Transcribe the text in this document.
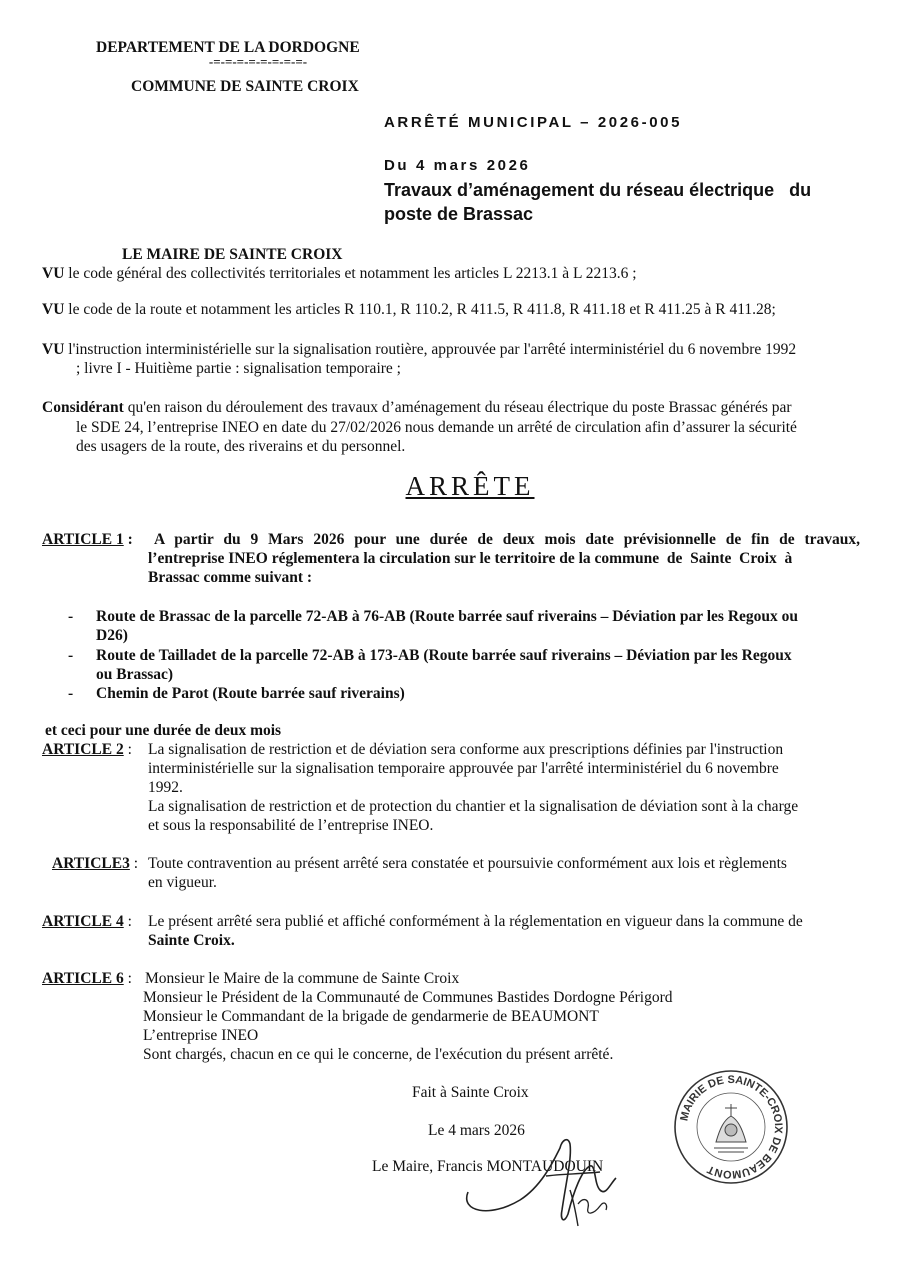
DEPARTEMENT DE LA DORDOGNE
-=-=-=-=-=-=-=-=-
COMMUNE DE SAINTE CROIX
ARRÊTÉ MUNICIPAL – 2026-005
Du 4 mars 2026
Travaux d’aménagement du réseau électrique   du
poste de Brassac
LE MAIRE DE SAINTE CROIX
VU le code général des collectivités territoriales et notamment les articles L 2213.1 à L 2213.6 ;
VU le code de la route et notamment les articles R 110.1, R 110.2, R 411.5, R 411.8, R 411.18 et R 411.25 à R 411.28;
VU l'instruction interministérielle sur la signalisation routière, approuvée par l'arrêté interministériel du 6 novembre 1992
; livre I - Huitième partie : signalisation temporaire ;
Considérant qu'en raison du déroulement des travaux d’aménagement du réseau électrique du poste Brassac générés par
le SDE 24, l’entreprise INEO en date du 27/02/2026 nous demande un arrêté de circulation afin d’assurer la sécurité
des usagers de la route, des riverains et du personnel.
ARRÊTE
ARTICLE 1 : A partir du 9 Mars 2026 pour une durée de deux mois date prévisionnelle de fin de travaux,
l’entreprise INEO réglementera la circulation sur le territoire de la commune  de  Sainte  Croix  à
Brassac comme suivant :
- Route de Brassac de la parcelle 72-AB à 76-AB (Route barrée sauf riverains – Déviation par les Regoux ou
D26)
- Route de Tailladet de la parcelle 72-AB à 173-AB (Route barrée sauf riverains – Déviation par les Regoux
ou Brassac)
- Chemin de Parot (Route barrée sauf riverains)
et ceci pour une durée de deux mois
ARTICLE 2 : La signalisation de restriction et de déviation sera conforme aux prescriptions définies par l'instruction
interministérielle sur la signalisation temporaire approuvée par l'arrêté interministériel du 6 novembre
1992.
La signalisation de restriction et de protection du chantier et la signalisation de déviation sont à la charge
et sous la responsabilité de l’entreprise INEO.
ARTICLE3 : Toute contravention au présent arrêté sera constatée et poursuivie conformément aux lois et règlements
en vigueur.
ARTICLE 4 : Le présent arrêté sera publié et affiché conformément à la réglementation en vigueur dans la commune de
Sainte Croix.
ARTICLE 6 : Monsieur le Maire de la commune de Sainte Croix
Monsieur le Président de la Communauté de Communes Bastides Dordogne Périgord
Monsieur le Commandant de la brigade de gendarmerie de BEAUMONT
L’entreprise INEO
Sont chargés, chacun en ce qui le concerne, de l'exécution du présent arrêté.
Fait à Sainte Croix
Le 4 mars 2026
Le Maire, Francis MONTAUDOUIN
MAIRIE DE SAINTE-CROIX DE BEAUMONT
